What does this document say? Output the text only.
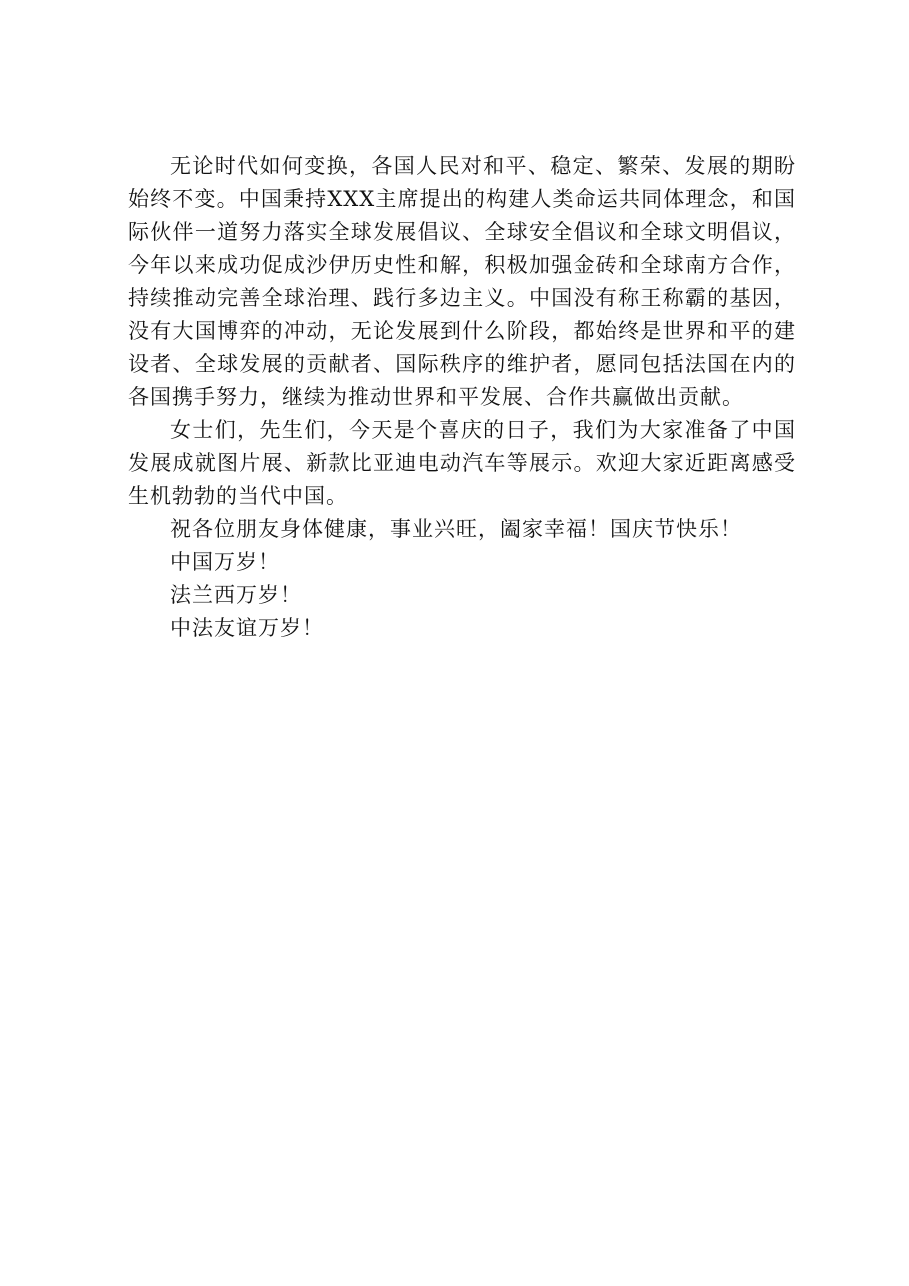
无论时代如何变换，各国人民对和平、稳定、繁荣、发展的期盼始终不变。中国秉持XXX主席提出的构建人类命运共同体理念，和国际伙伴一道努力落实全球发展倡议、全球安全倡议和全球文明倡议，今年以来成功促成沙伊历史性和解，积极加强金砖和全球南方合作，持续推动完善全球治理、践行多边主义。中国没有称王称霸的基因，没有大国博弈的冲动，无论发展到什么阶段，都始终是世界和平的建设者、全球发展的贡献者、国际秩序的维护者，愿同包括法国在内的各国携手努力，继续为推动世界和平发展、合作共赢做出贡献。

女士们，先生们，今天是个喜庆的日子，我们为大家准备了中国发展成就图片展、新款比亚迪电动汽车等展示。欢迎大家近距离感受生机勃勃的当代中国。

祝各位朋友身体健康，事业兴旺，阖家幸福！国庆节快乐！

中国万岁！

法兰西万岁！

中法友谊万岁！
